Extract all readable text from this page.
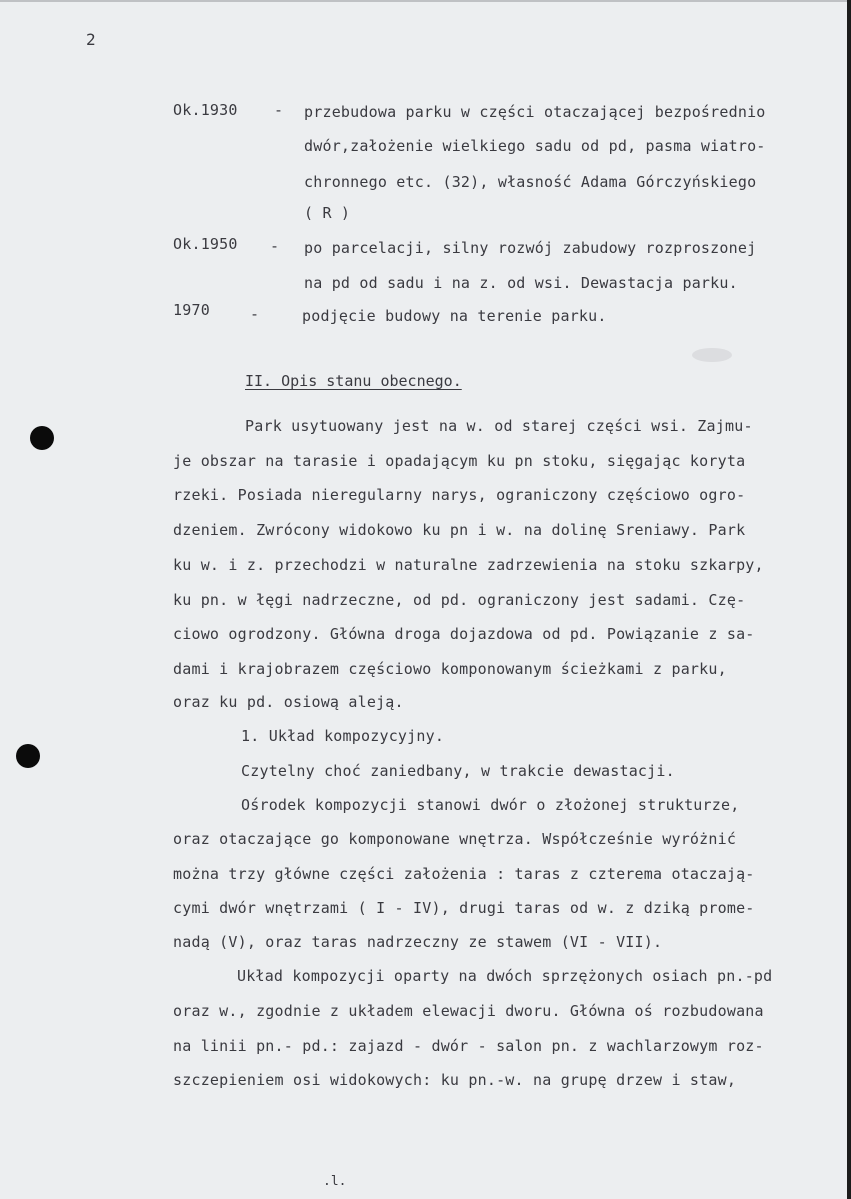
2
Ok.1930 - przebudowa parku w części otaczającej bezpośrednio
dwór,założenie wielkiego sadu od pd, pasma wiatro-
chronnego etc. (32), własność Adama Górczyńskiego
( R )
Ok.1950 - po parcelacji, silny rozwój zabudowy rozproszonej
na pd od sadu i na z. od wsi. Dewastacja parku.
1970	-	podjęcie budowy na terenie parku.
II. Opis stanu obecnego.
Park usytuowany jest na w. od starej części wsi. Zajmu-
je obszar na tarasie i opadającym ku pn stoku, sięgając koryta
rzeki. Posiada nieregularny narys, ograniczony częściowo ogro-
dzeniem. Zwrócony widokowo ku pn i w. na dolinę Sreniawy. Park
ku w. i z. przechodzi w naturalne zadrzewienia na stoku szkarpy,
ku pn. w łęgi nadrzeczne, od pd. ograniczony jest sadami. Czę-
ciowo ogrodzony. Główna droga dojazdowa od pd. Powiązanie z sa-
dami i krajobrazem częściowo komponowanym ścieżkami z parku,
oraz ku pd. osiową aleją.
1. Układ kompozycyjny.
Czytelny choć zaniedbany, w trakcie dewastacji.
Ośrodek kompozycji stanowi dwór o złożonej strukturze,
oraz otaczające go komponowane wnętrza. Współcześnie wyróżnić
można trzy główne części założenia : taras z czterema otaczają-
cymi dwór wnętrzami ( I - IV), drugi taras od w. z dziką prome-
nadą (V), oraz taras nadrzeczny ze stawem (VI - VII).
Układ kompozycji oparty na dwóch sprzężonych osiach pn.-pd
oraz w., zgodnie z układem elewacji dworu. Główna oś rozbudowana
na linii pn.- pd.: zajazd - dwór - salon pn. z wachlarzowym roz-
szczepieniem osi widokowych: ku pn.-w. na grupę drzew i staw,
.l.
